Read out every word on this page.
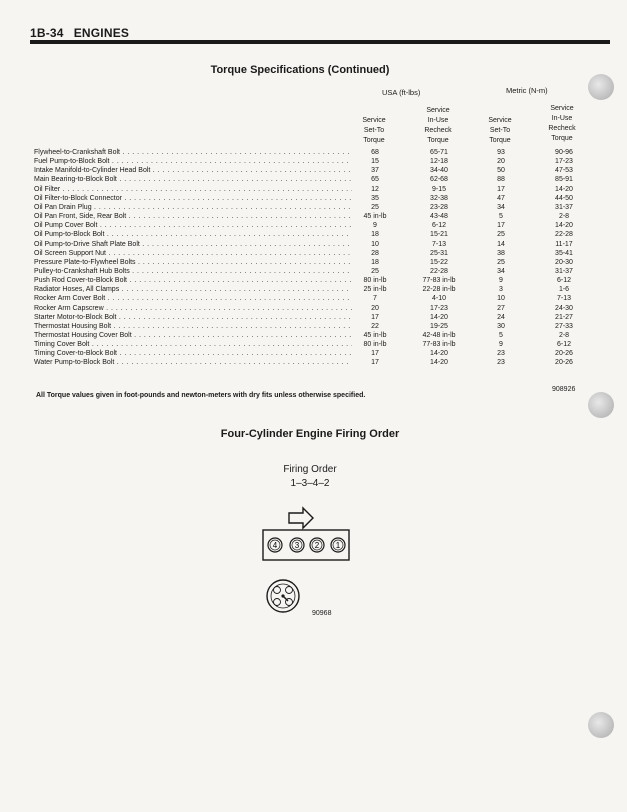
1B-34 ENGINES
Torque Specifications (Continued)
USA (ft-lbs)	Metric (N-m)
Service
Set-To
Torque
Service
In-Use
Recheck
Torque
Service
Set-To
Torque
Service
In-Use
Recheck
Torque
Flywheel-to-Crankshaft Bolt . . .	68	65-71	93	90-96
Fuel Pump-to-Block Bolt . . .	15	12-18	20	17-23
Intake Manifold-to-Cylinder Head Bolt . . .	37	34-40	50	47-53
Main Bearing-to-Block Bolt . . .	65	62-68	88	85-91
Oil Filter . . .	12	9-15	17	14-20
Oil Filter-to-Block Connector . . .	35	32-38	47	44-50
Oil Pan Drain Plug . . .	25	23-28	34	31-37
Oil Pan Front, Side, Rear Bolt . . .	45 in-lb	43-48	5	2-8
Oil Pump Cover Bolt . . .	9	6-12	17	14-20
Oil Pump-to-Block Bolt . . .	18	15-21	25	22-28
Oil Pump-to-Drive Shaft Plate Bolt . . .	10	7-13	14	11-17
Oil Screen Support Nut . . .	28	25-31	38	35-41
Pressure Plate-to-Flywheel Bolts . . .	18	15-22	25	20-30
Pulley-to-Crankshaft Hub Bolts . . .	25	22-28	34	31-37
Push Rod Cover-to-Block Bolt . . .	80 in-lb	77-83 in-lb	9	6-12
Radiator Hoses, All Clamps . . .	25 in-lb	22-28 in-lb	3	1-6
Rocker Arm Cover Bolt . . .	7	4-10	10	7-13
Rocker Arm Capscrew . . .	20	17-23	27	24-30
Starter Motor-to-Block Bolt . . .	17	14-20	24	21-27
Thermostat Housing Bolt . . .	22	19-25	30	27-33
Thermostat Housing Cover Bolt . . .	45 in-lb	42-48 in-lb	5	2-8
Timing Cover Bolt . . .	80 in-lb	77-83 in-lb	9	6-12
Timing Cover-to-Block Bolt . . .	17	14-20	23	20-26
Water Pump-to-Block Bolt . . .	17	14-20	23	20-26
All Torque values given in foot-pounds and newton-meters with dry fits unless otherwise specified.
908926
Four-Cylinder Engine Firing Order
Firing Order
1–3–4–2
4 3 2 1
90968
